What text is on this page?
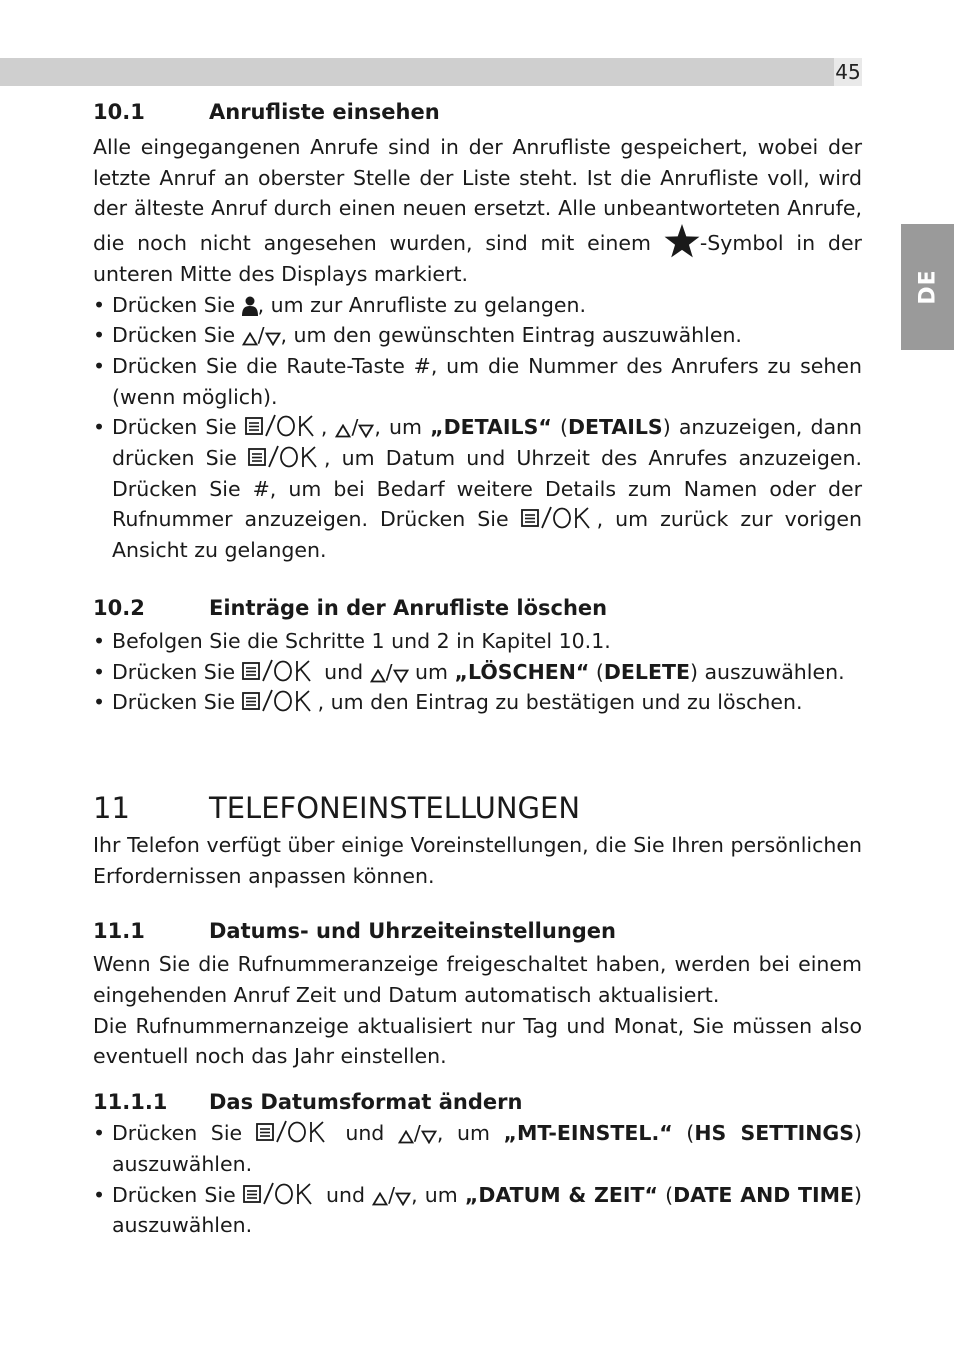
45
DE
10.1	Anrufliste einsehen

Alle eingegangenen Anrufe sind in der Anrufliste gespeichert, wobei der letzte Anruf an oberster Stelle der Liste steht. Ist die Anrufliste voll, wird der älteste Anruf durch einen neuen ersetzt. Alle unbeantworteten Anrufe, die noch nicht angesehen wurden, sind mit einem -Symbol in der unteren Mitte des Displays markiert.

• Drücken Sie , um zur Anrufliste zu gelangen.
• Drücken Sie / , um den gewünschten Eintrag auszuwählen.
• Drücken Sie die Raute-Taste #, um die Nummer des Anrufers zu sehen (wenn möglich).
• Drücken Sie	, / , um „DETAILS“ (DETAILS) anzuzeigen, dann drücken Sie	, um Datum und Uhrzeit des Anrufes anzuzeigen. Drücken Sie #, um bei Bedarf weitere Details zum Namen oder der Rufnummer anzuzeigen. Drücken Sie	, um zurück zur vorigen Ansicht zu gelangen.
10.2	Einträge in der Anrufliste löschen
• Befolgen Sie die Schritte 1 und 2 in Kapitel 10.1.
• Drücken Sie	und / um „LÖSCHEN“ (DELETE) auszuwählen.
• Drücken Sie	, um den Eintrag zu bestätigen und zu löschen.
11	TELEFONEINSTELLUNGEN

Ihr Telefon verfügt über einige Voreinstellungen, die Sie Ihren persönlichen Erfordernissen anpassen können.

11.1	Datums- und Uhrzeiteinstellungen

Wenn Sie die Rufnummeranzeige freigeschaltet haben, werden bei einem eingehenden Anruf Zeit und Datum automatisch aktualisiert.

Die Rufnummernanzeige aktualisiert nur Tag und Monat, Sie müssen also eventuell noch das Jahr einstellen.

11.1.1 Das Datumsformat ändern
• Drücken Sie	und / , um „MT-EINSTEL.“ (HS SETTINGS) auszuwählen.
• Drücken Sie	und / , um „DATUM & ZEIT“ (DATE AND TIME) auszuwählen.
